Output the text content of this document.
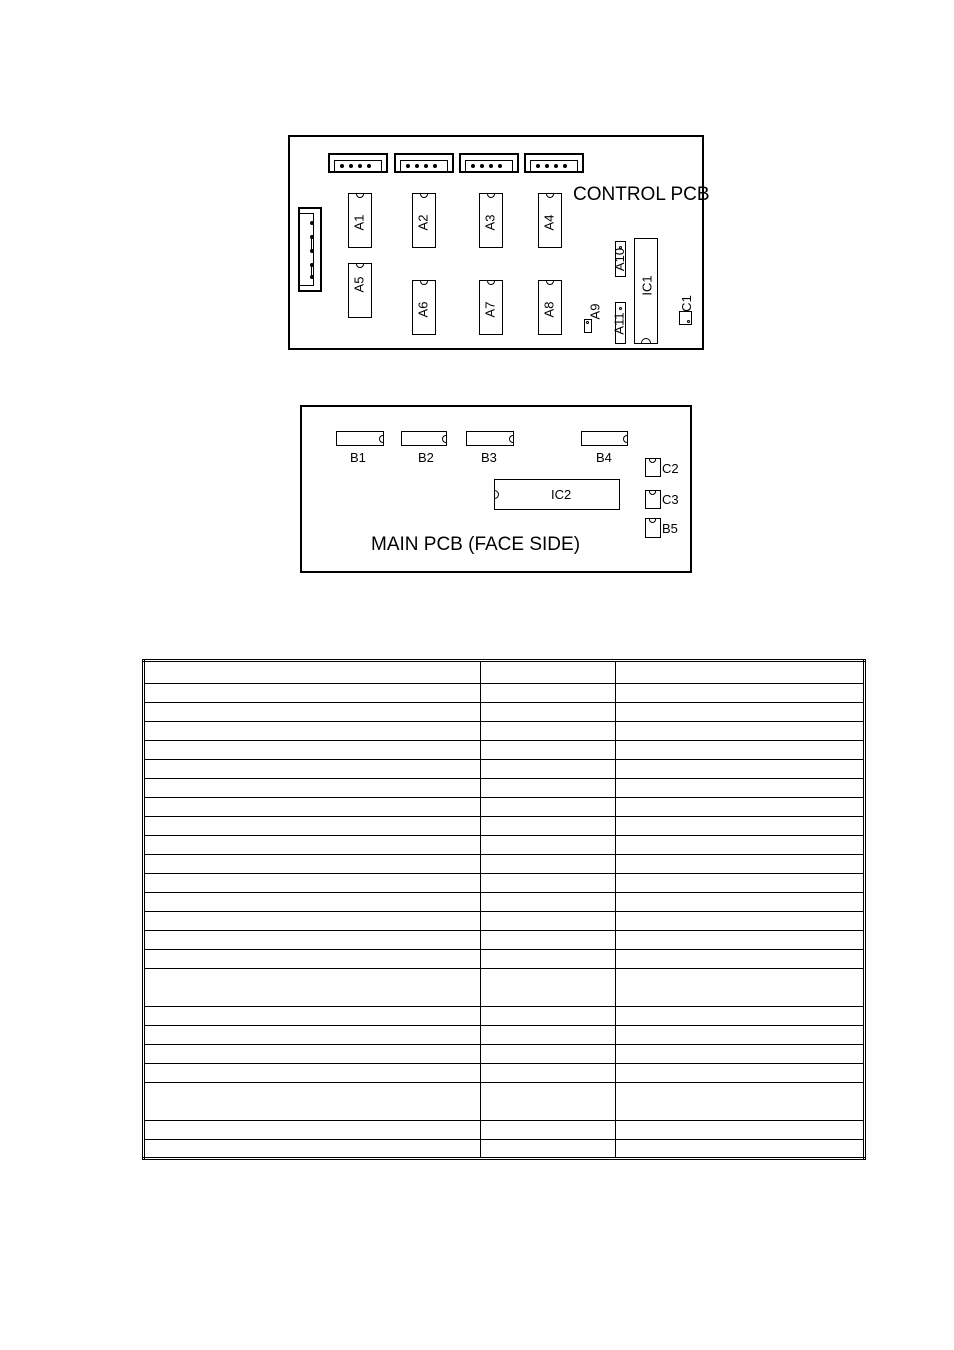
CONTROL PCB
A1	A2	A3	A4
A5
A6	A7	A8 A9
A10
A11
IC1
C1
B1	B2	B3	B4
C2
C3
B5
IC2
MAIN PCB (FACE SIDE)
